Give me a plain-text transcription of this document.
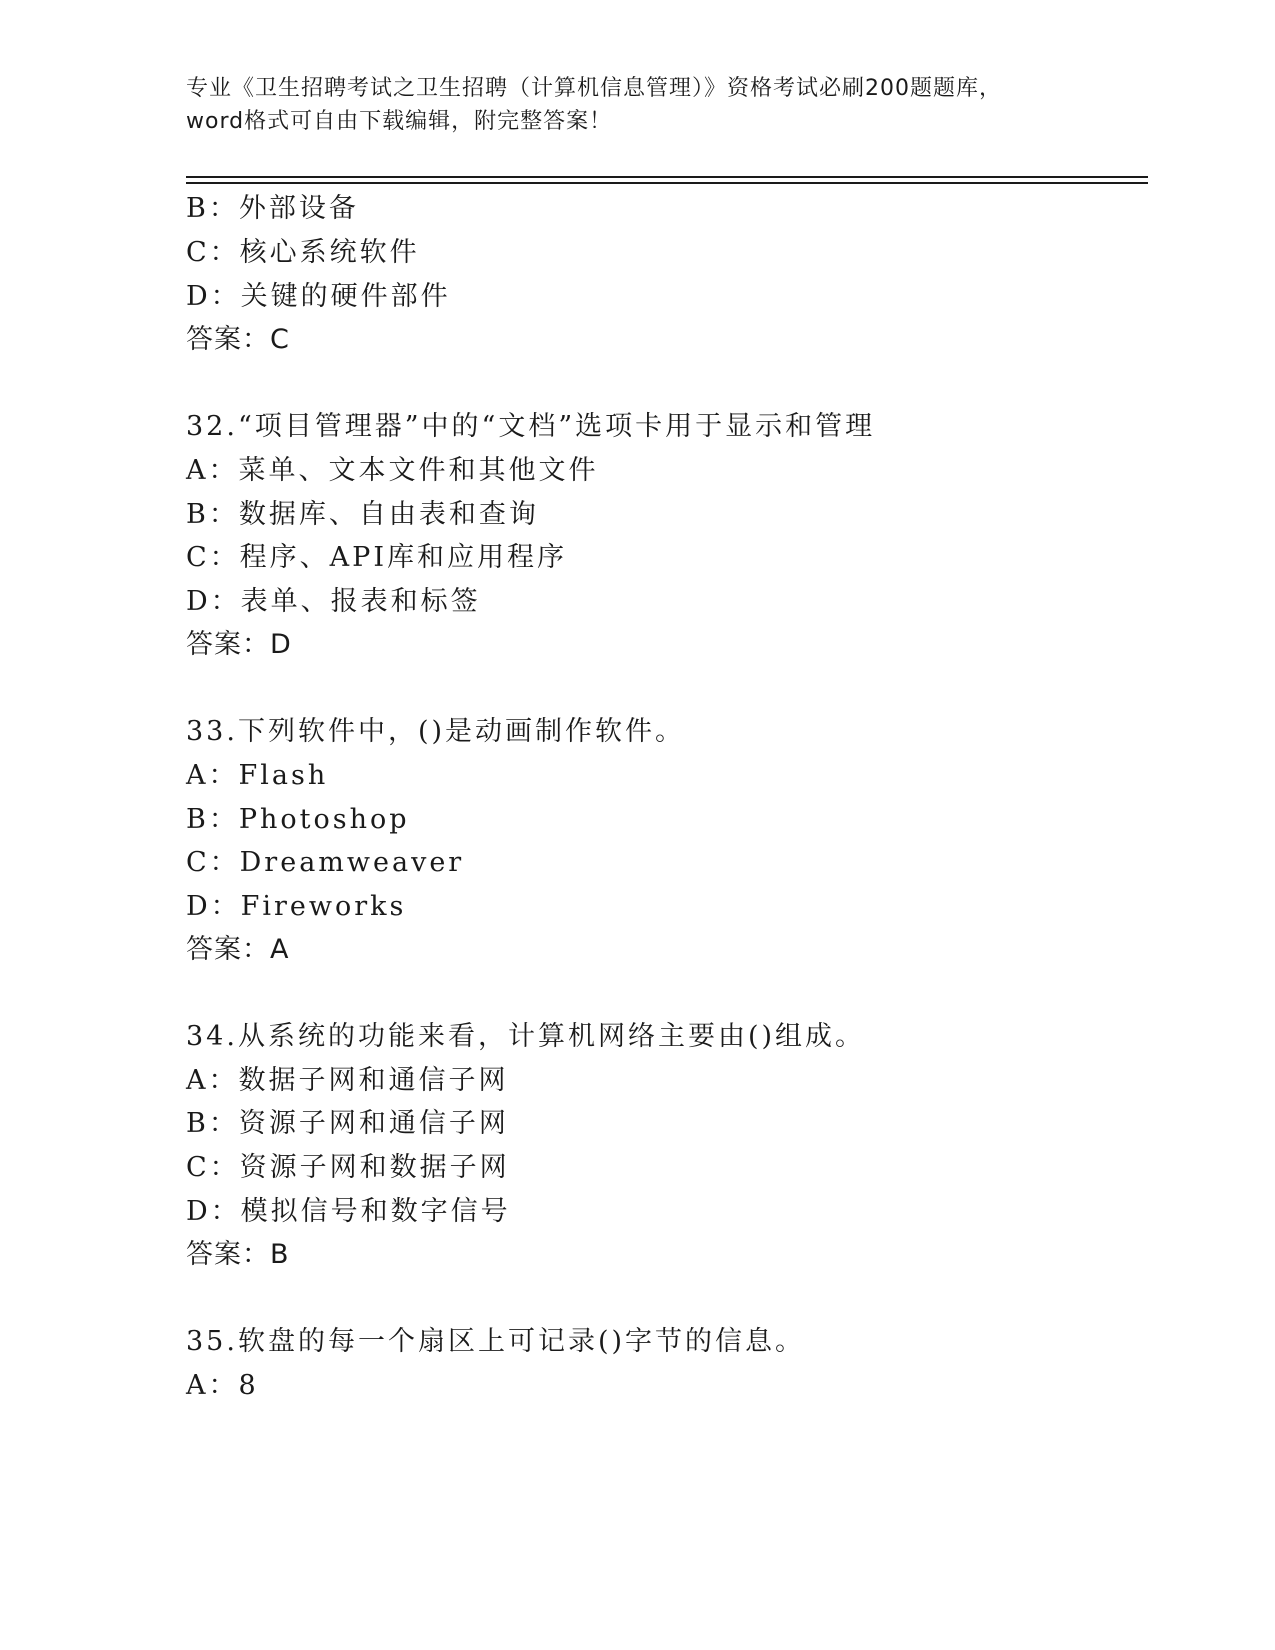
专业《卫生招聘考试之卫生招聘（计算机信息管理）》资格考试必刷200题题库，
word格式可自由下载编辑，附完整答案！
B：外部设备
C：核心系统软件
D：关键的硬件部件
答案：C
32.“项目管理器”中的“文档”选项卡用于显示和管理
A：菜单、文本文件和其他文件
B：数据库、自由表和查询
C：程序、API库和应用程序
D：表单、报表和标签
答案：D
33.下列软件中，()是动画制作软件。
A：Flash
B：Photoshop
C：Dreamweaver
D：Fireworks
答案：A
34.从系统的功能来看，计算机网络主要由()组成。
A：数据子网和通信子网
B：资源子网和通信子网
C：资源子网和数据子网
D：模拟信号和数字信号
答案：B
35.软盘的每一个扇区上可记录()字节的信息。
A：8
